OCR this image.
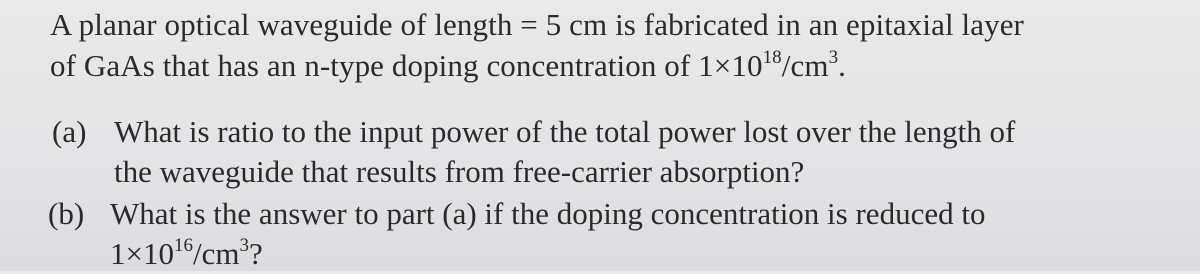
A planar optical waveguide of length = 5 cm is fabricated in an epitaxial layer
of GaAs that has an n-type doping concentration of $1\times 10^{18}/cm^3$.
(a) What is ratio to the input power of the total power lost over the length of
the waveguide that results from free-carrier absorption?
(b) What is the answer to part (a) if the doping concentration is reduced to
$1\times 10^{16}/cm^3$?
